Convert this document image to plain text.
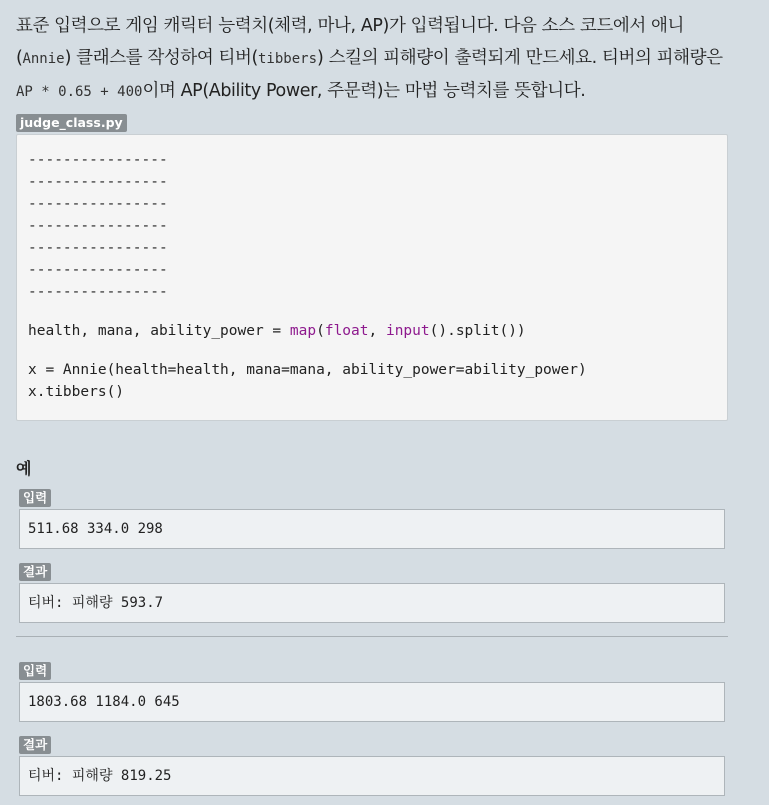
표준 입력으로 게임 캐릭터 능력치(체력, 마나, AP)가 입력됩니다. 다음 소스 코드에서 애니 (Annie) 클래스를 작성하여 티버(tibbers) 스킬의 피해량이 출력되게 만드세요. 티버의 피해량은 AP * 0.65 + 400이며 AP(Ability Power, 주문력)는 마법 능력치를 뜻합니다.

judge_class.py
----------------
----------------
----------------
----------------
----------------
----------------
----------------
health, mana, ability_power = map(float, input().split())
x = Annie(health=health, mana=mana, ability_power=ability_power)
x.tibbers()
예
입력
511.68 334.0 298
결과
티버: 피해량 593.7
입력
1803.68 1184.0 645
결과
티버: 피해량 819.25
